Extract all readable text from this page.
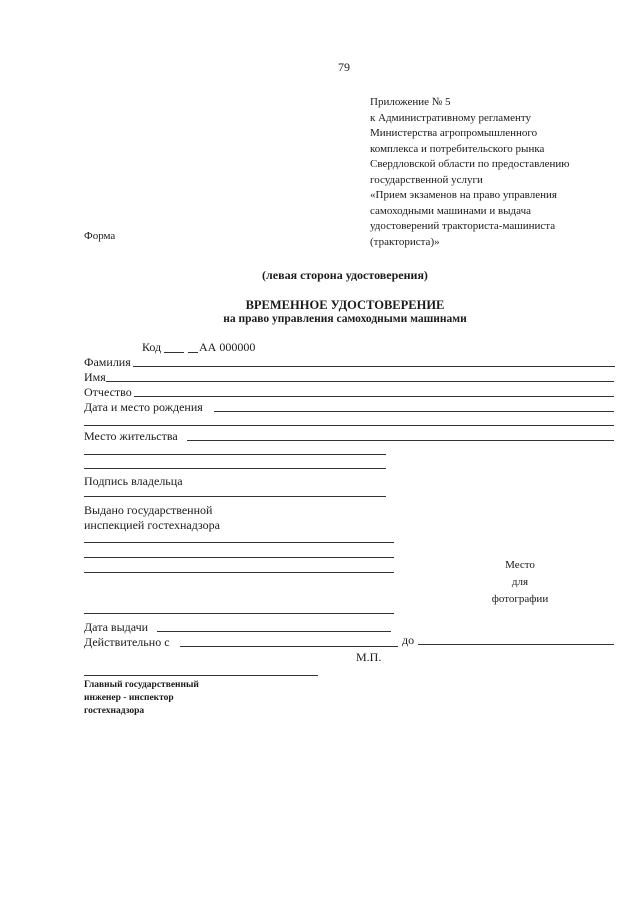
79
Приложение № 5
к Административному регламенту
Министерства агропромышленного
комплекса и потребительского рынка
Свердловской области по предоставлению
государственной услуги
«Прием экзаменов на право управления
самоходными машинами и выдача
удостоверений тракториста-машиниста
(тракториста)»
Форма
(левая сторона удостоверения)
ВРЕМЕННОЕ УДОСТОВЕРЕНИЕ
на право управления самоходными машинами
Код	АА 000000
Фамилия
Имя
Отчество
Дата и место рождения
Место жительства
Подпись владельца
Выдано государственной
инспекцией гостехнадзора
Место
для
фотографии
Дата выдачи
Действительно с	до
М.П.
Главный государственный
инженер - инспектор
гостехнадзора
